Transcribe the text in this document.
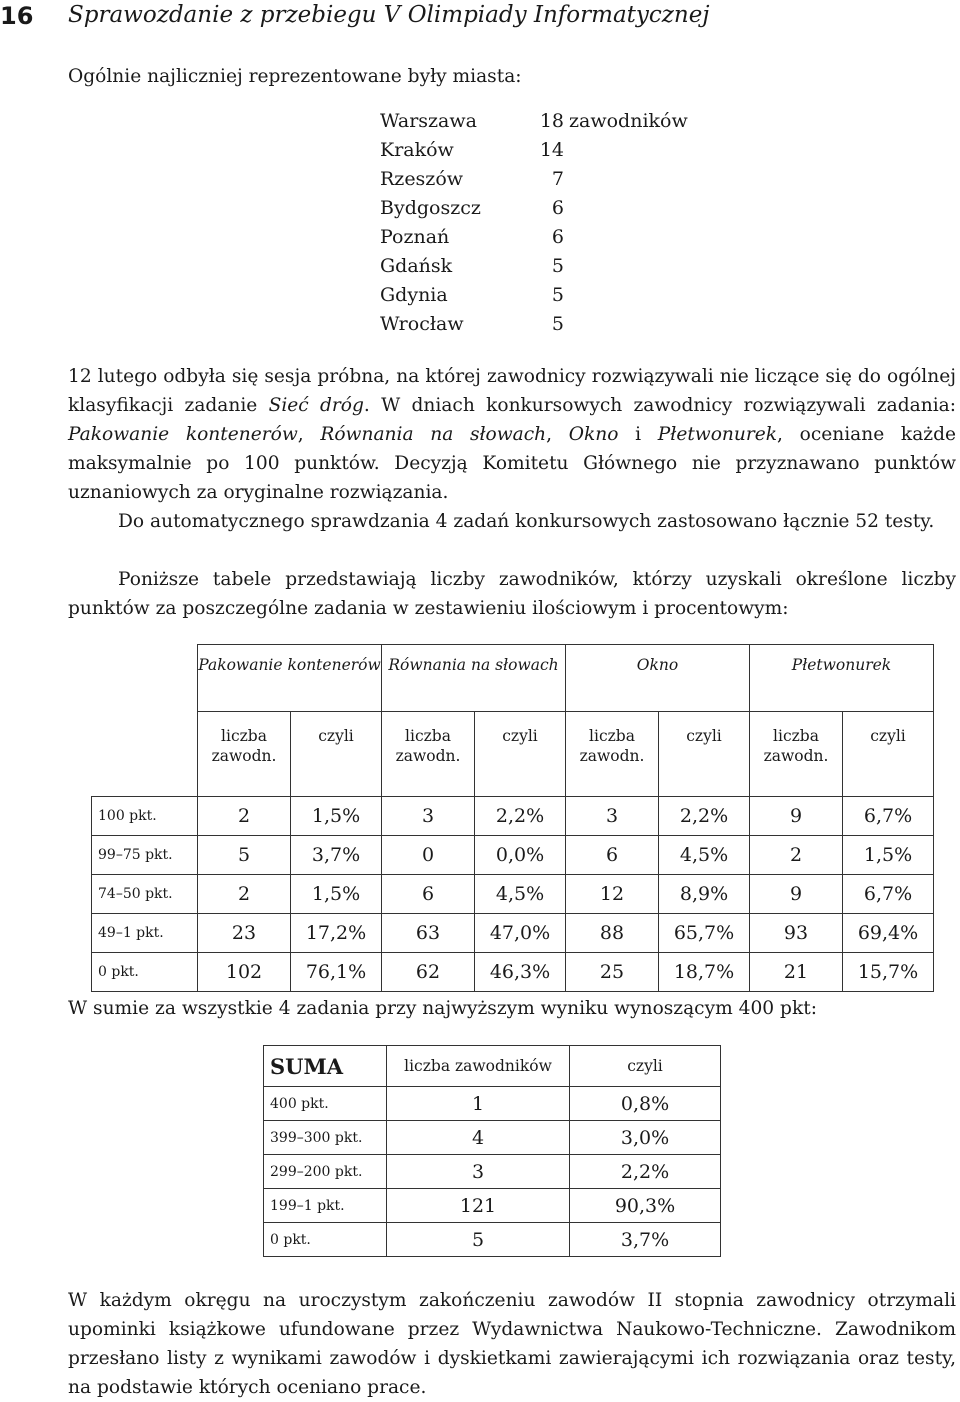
16 Sprawozdanie z przebiegu V Olimpiady Informatycznej
Ogólnie najliczniej reprezentowane były miasta:
Warszawa	18 zawodników
Kraków	14
Rzeszów	7
Bydgoszcz	6
Poznań	6
Gdańsk	5
Gdynia	5
Wrocław	5
12 lutego odbyła się sesja próbna, na której zawodnicy rozwiązywali nie liczące się do ogólnej klasyfikacji zadanie Sieć dróg. W dniach konkursowych zawodnicy rozwiązywali zadania: Pakowanie kontenerów, Równania na słowach, Okno i Płetwonurek, oceniane każde maksymalnie po 100 punktów. Decyzją Komitetu Głównego nie przyznawano punktów uznaniowych za oryginalne rozwiązania.
Do automatycznego sprawdzania 4 zadań konkursowych zastosowano łącznie 52 testy.
Poniższe tabele przedstawiają liczby zawodników, którzy uzyskali określone liczby punktów za poszczególne zadania w zestawieniu ilościowym i procentowym:
	Pakowanie kontenerów		Równania na słowach		Okno		Płetwonurek	
	liczba zawodn.	czyli	liczba zawodn.	czyli	liczba zawodn.	czyli	liczba zawodn.	czyli
100 pkt.	2	1,5%	3	2,2%	3	2,2%	9	6,7%
99–75 pkt.	5	3,7%	0	0,0%	6	4,5%	2	1,5%
74–50 pkt.	2	1,5%	6	4,5%	12	8,9%	9	6,7%
49–1 pkt.	23	17,2%	63	47,0%	88	65,7%	93	69,4%
0 pkt.	102	76,1%	62	46,3%	25	18,7%	21	15,7%
W sumie za wszystkie 4 zadania przy najwyższym wyniku wynoszącym 400 pkt:
SUMA	liczba zawodników	czyli
400 pkt.	1	0,8%
399–300 pkt.	4	3,0%
299–200 pkt.	3	2,2%
199–1 pkt.	121	90,3%
0 pkt.	5	3,7%
W każdym okręgu na uroczystym zakończeniu zawodów II stopnia zawodnicy otrzymali upominki książkowe ufundowane przez Wydawnictwa Naukowo-Techniczne. Zawodnikom przesłano listy z wynikami zawodów i dyskietkami zawierającymi ich rozwiązania oraz testy, na podstawie których oceniano prace.
